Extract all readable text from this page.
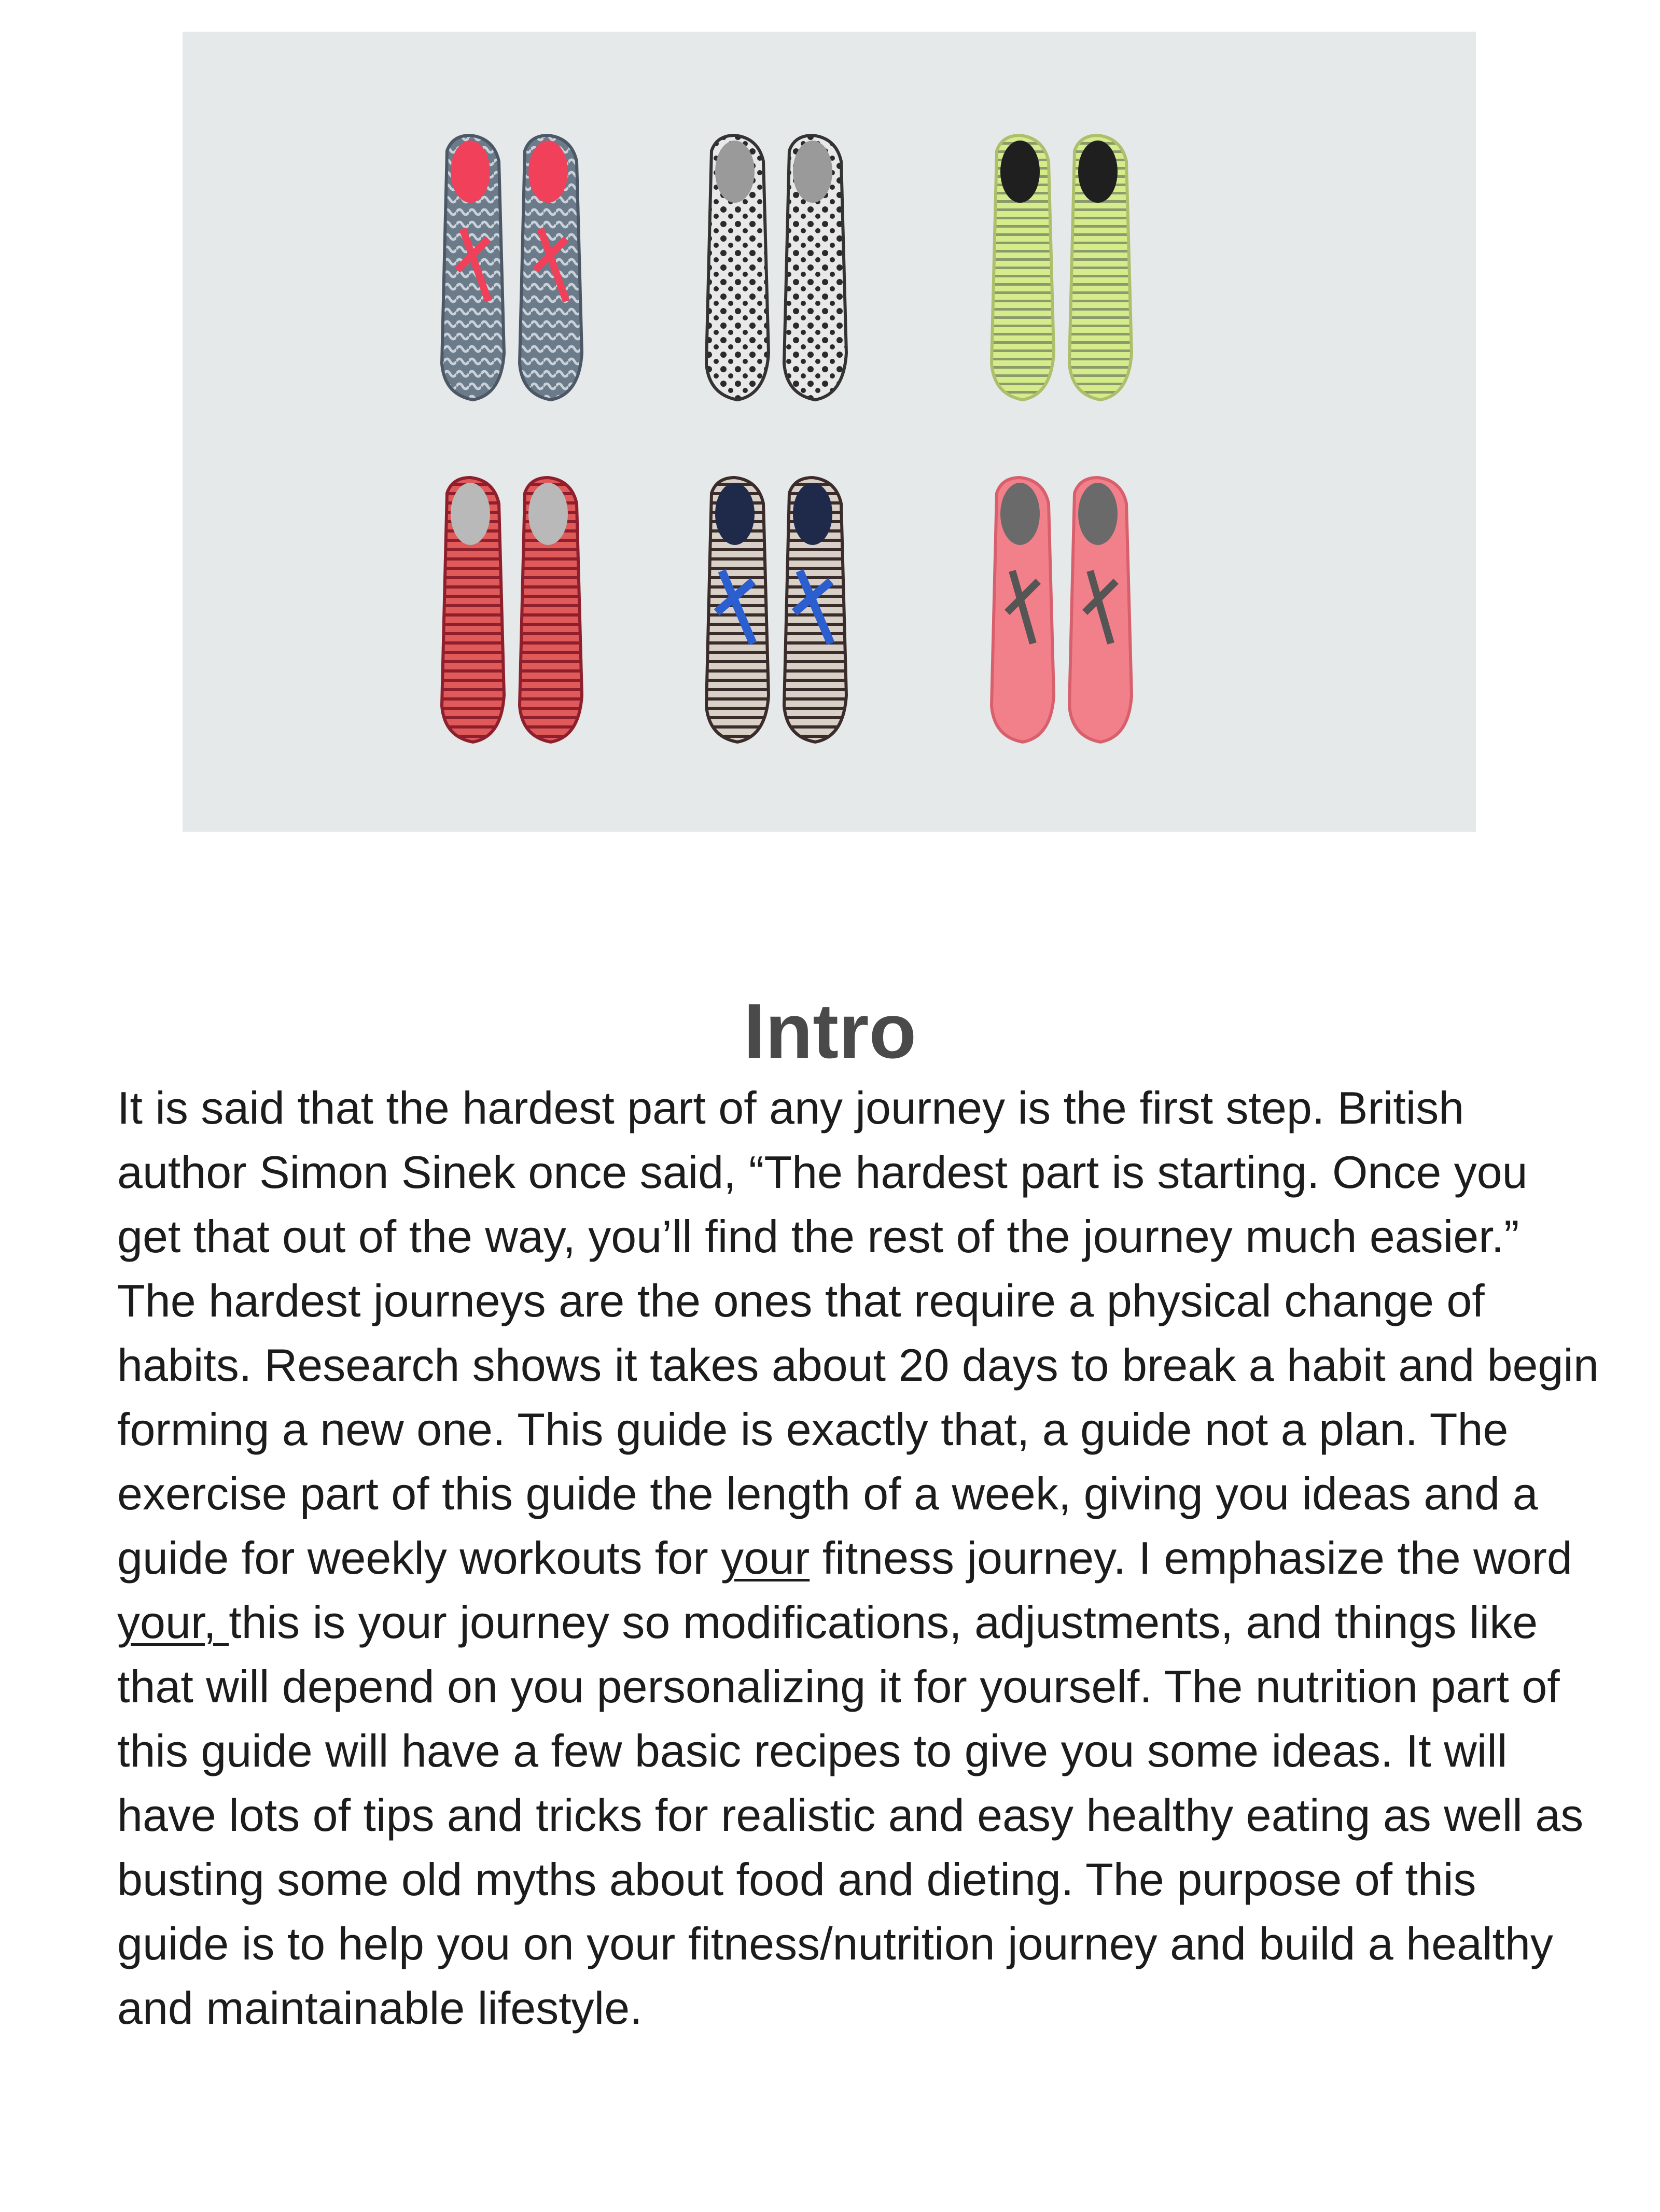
Intro
It is said that the hardest part of any journey is the first step. British
author Simon Sinek once said, “The hardest part is starting. Once you
get that out of the way, you’ll find the rest of the journey much easier.”
The hardest journeys are the ones that require a physical change of
habits. Research shows it takes about 20 days to break a habit and begin
forming a new one. This guide is exactly that, a guide not a plan. The
exercise part of this guide the length of a week, giving you ideas and a
guide for weekly workouts for your fitness journey. I emphasize the word
your, this is your journey so modifications, adjustments, and things like
that will depend on you personalizing it for yourself. The nutrition part of
this guide will have a few basic recipes to give you some ideas. It will
have lots of tips and tricks for realistic and easy healthy eating as well as
busting some old myths about food and dieting. The purpose of this
guide is to help you on your fitness/nutrition journey and build a healthy
and maintainable lifestyle.
